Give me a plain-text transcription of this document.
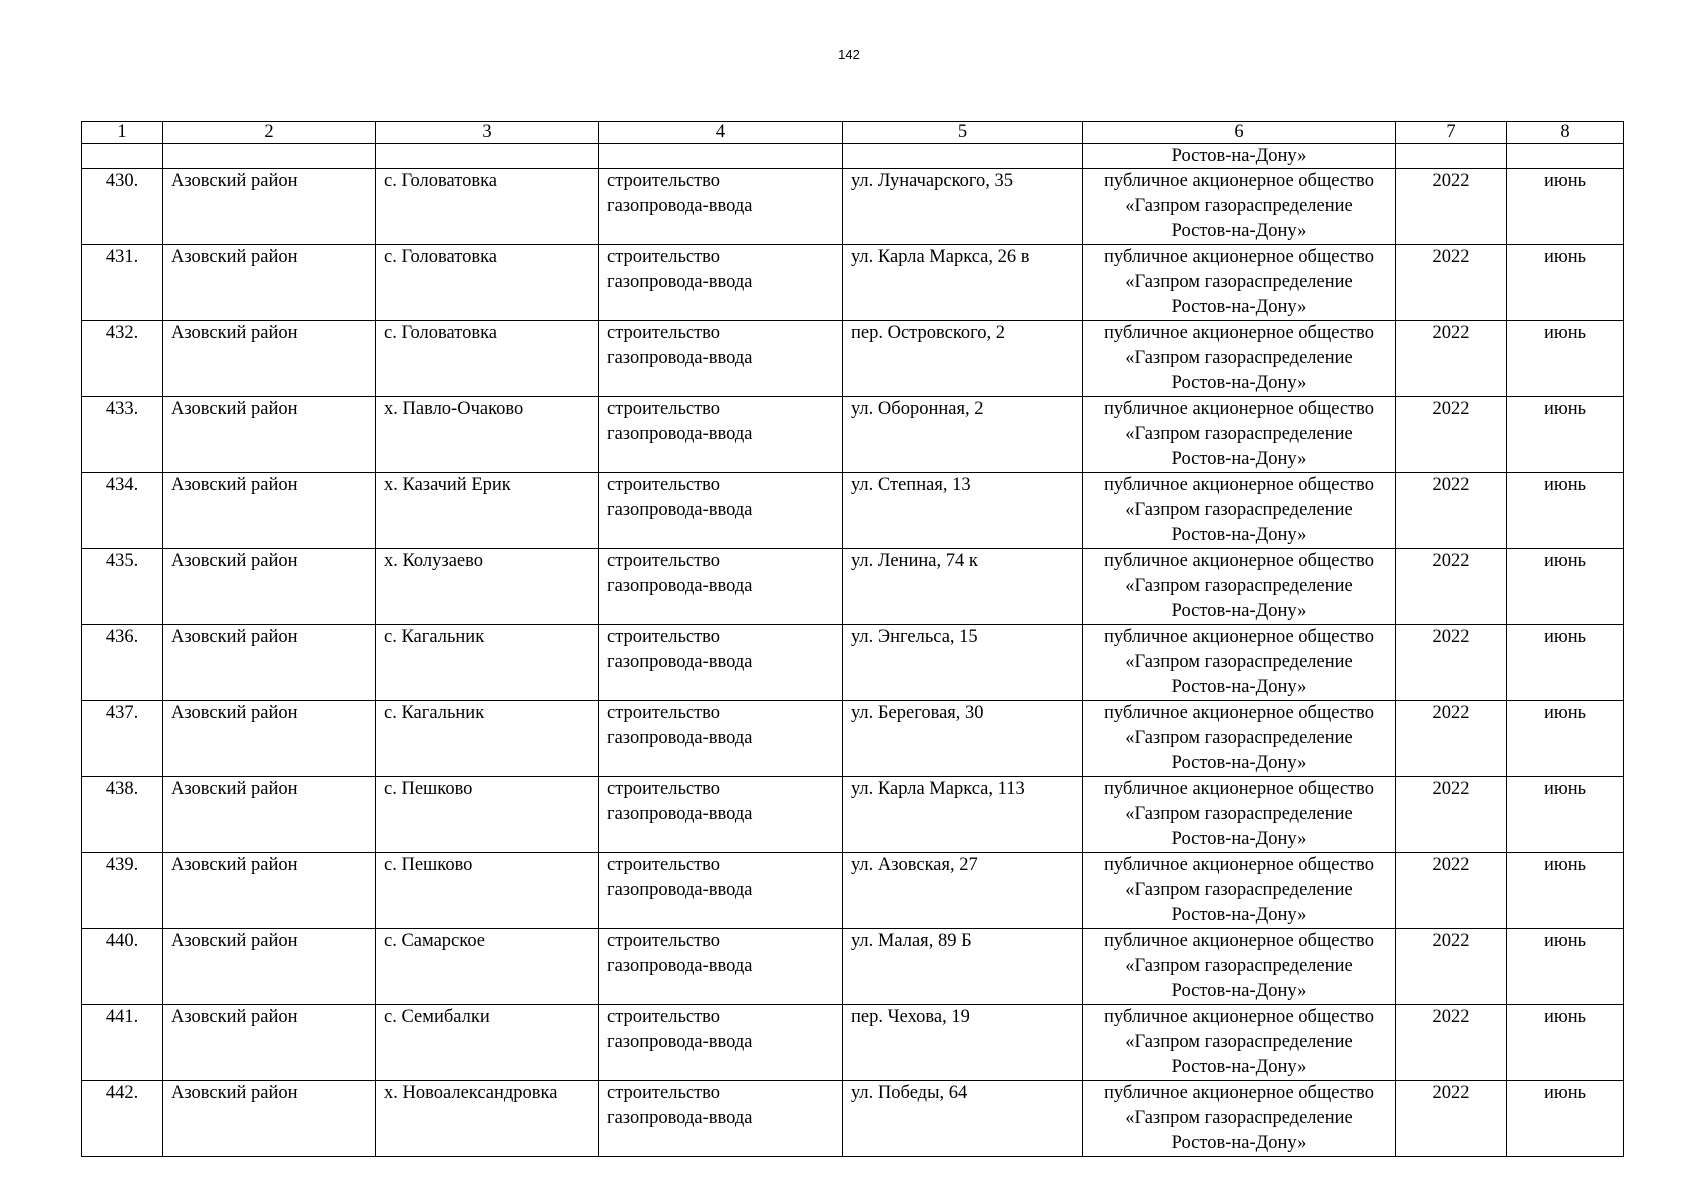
142
1	2	3	4	5	6	7	8
					Ростов-на-Дону»		
430.	Азовский район	с. Головатовка	строительство
газопровода-ввода	ул. Луначарского, 35	публичное акционерное общество
«Газпром газораспределение
Ростов-на-Дону»	2022	июнь
431.	Азовский район	с. Головатовка	строительство
газопровода-ввода	ул. Карла Маркса, 26 в	публичное акционерное общество
«Газпром газораспределение
Ростов-на-Дону»	2022	июнь
432.	Азовский район	с. Головатовка	строительство
газопровода-ввода	пер. Островского, 2	публичное акционерное общество
«Газпром газораспределение
Ростов-на-Дону»	2022	июнь
433.	Азовский район	х. Павло-Очаково	строительство
газопровода-ввода	ул. Оборонная, 2	публичное акционерное общество
«Газпром газораспределение
Ростов-на-Дону»	2022	июнь
434.	Азовский район	х. Казачий Ерик	строительство
газопровода-ввода	ул. Степная, 13	публичное акционерное общество
«Газпром газораспределение
Ростов-на-Дону»	2022	июнь
435.	Азовский район	х. Колузаево	строительство
газопровода-ввода	ул. Ленина, 74 к	публичное акционерное общество
«Газпром газораспределение
Ростов-на-Дону»	2022	июнь
436.	Азовский район	с. Кагальник	строительство
газопровода-ввода	ул. Энгельса, 15	публичное акционерное общество
«Газпром газораспределение
Ростов-на-Дону»	2022	июнь
437.	Азовский район	с. Кагальник	строительство
газопровода-ввода	ул. Береговая, 30	публичное акционерное общество
«Газпром газораспределение
Ростов-на-Дону»	2022	июнь
438.	Азовский район	с. Пешково	строительство
газопровода-ввода	ул. Карла Маркса, 113	публичное акционерное общество
«Газпром газораспределение
Ростов-на-Дону»	2022	июнь
439.	Азовский район	с. Пешково	строительство
газопровода-ввода	ул. Азовская, 27	публичное акционерное общество
«Газпром газораспределение
Ростов-на-Дону»	2022	июнь
440.	Азовский район	с. Самарское	строительство
газопровода-ввода	ул. Малая, 89 Б	публичное акционерное общество
«Газпром газораспределение
Ростов-на-Дону»	2022	июнь
441.	Азовский район	с. Семибалки	строительство
газопровода-ввода	пер. Чехова, 19	публичное акционерное общество
«Газпром газораспределение
Ростов-на-Дону»	2022	июнь
442.	Азовский район	х. Новоалександровка	строительство
газопровода-ввода	ул. Победы, 64	публичное акционерное общество
«Газпром газораспределение
Ростов-на-Дону»	2022	июнь
